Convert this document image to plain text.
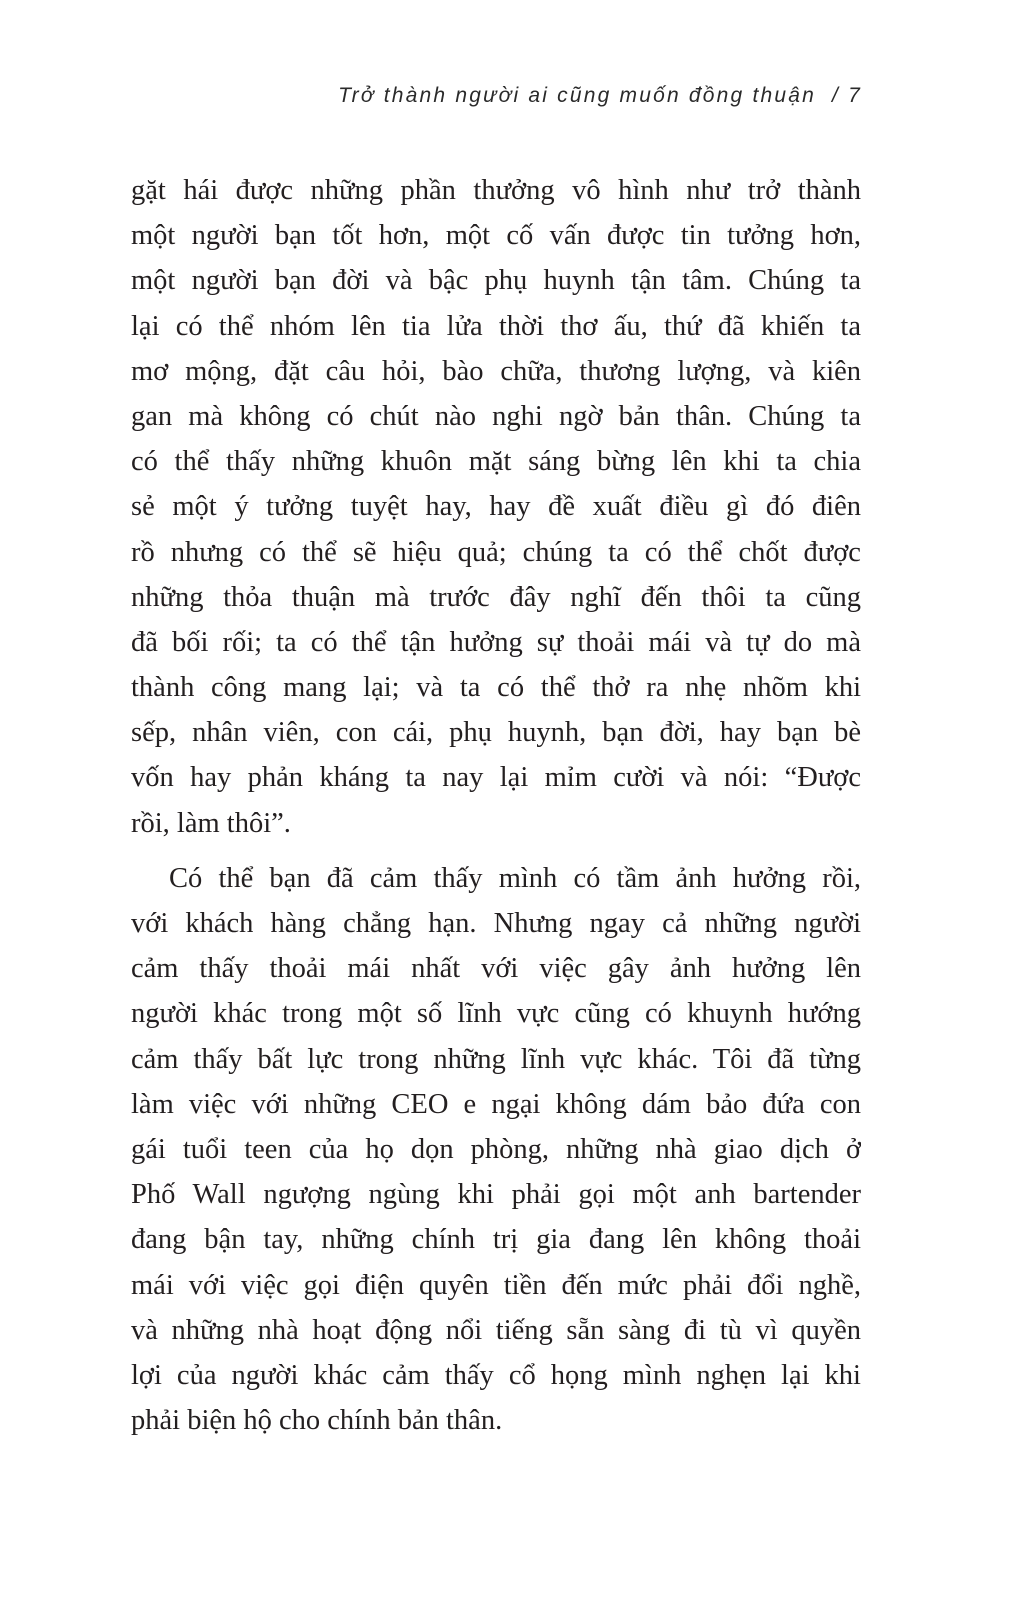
Trở thành người ai cũng muốn đồng thuận / 7
gặt hái được những phần thưởng vô hình như trở thành
một người bạn tốt hơn, một cố vấn được tin tưởng hơn,
một người bạn đời và bậc phụ huynh tận tâm. Chúng ta
lại có thể nhóm lên tia lửa thời thơ ấu, thứ đã khiến ta
mơ mộng, đặt câu hỏi, bào chữa, thương lượng, và kiên
gan mà không có chút nào nghi ngờ bản thân. Chúng ta
có thể thấy những khuôn mặt sáng bừng lên khi ta chia
sẻ một ý tưởng tuyệt hay, hay đề xuất điều gì đó điên
rồ nhưng có thể sẽ hiệu quả; chúng ta có thể chốt được
những thỏa thuận mà trước đây nghĩ đến thôi ta cũng
đã bối rối; ta có thể tận hưởng sự thoải mái và tự do mà
thành công mang lại; và ta có thể thở ra nhẹ nhõm khi
sếp, nhân viên, con cái, phụ huynh, bạn đời, hay bạn bè
vốn hay phản kháng ta nay lại mỉm cười và nói: “Được
rồi, làm thôi”.
Có thể bạn đã cảm thấy mình có tầm ảnh hưởng rồi,
với khách hàng chẳng hạn. Nhưng ngay cả những người
cảm thấy thoải mái nhất với việc gây ảnh hưởng lên
người khác trong một số lĩnh vực cũng có khuynh hướng
cảm thấy bất lực trong những lĩnh vực khác. Tôi đã từng
làm việc với những CEO e ngại không dám bảo đứa con
gái tuổi teen của họ dọn phòng, những nhà giao dịch ở
Phố Wall ngượng ngùng khi phải gọi một anh bartender
đang bận tay, những chính trị gia đang lên không thoải
mái với việc gọi điện quyên tiền đến mức phải đổi nghề,
và những nhà hoạt động nổi tiếng sẵn sàng đi tù vì quyền
lợi của người khác cảm thấy cổ họng mình nghẹn lại khi
phải biện hộ cho chính bản thân.
